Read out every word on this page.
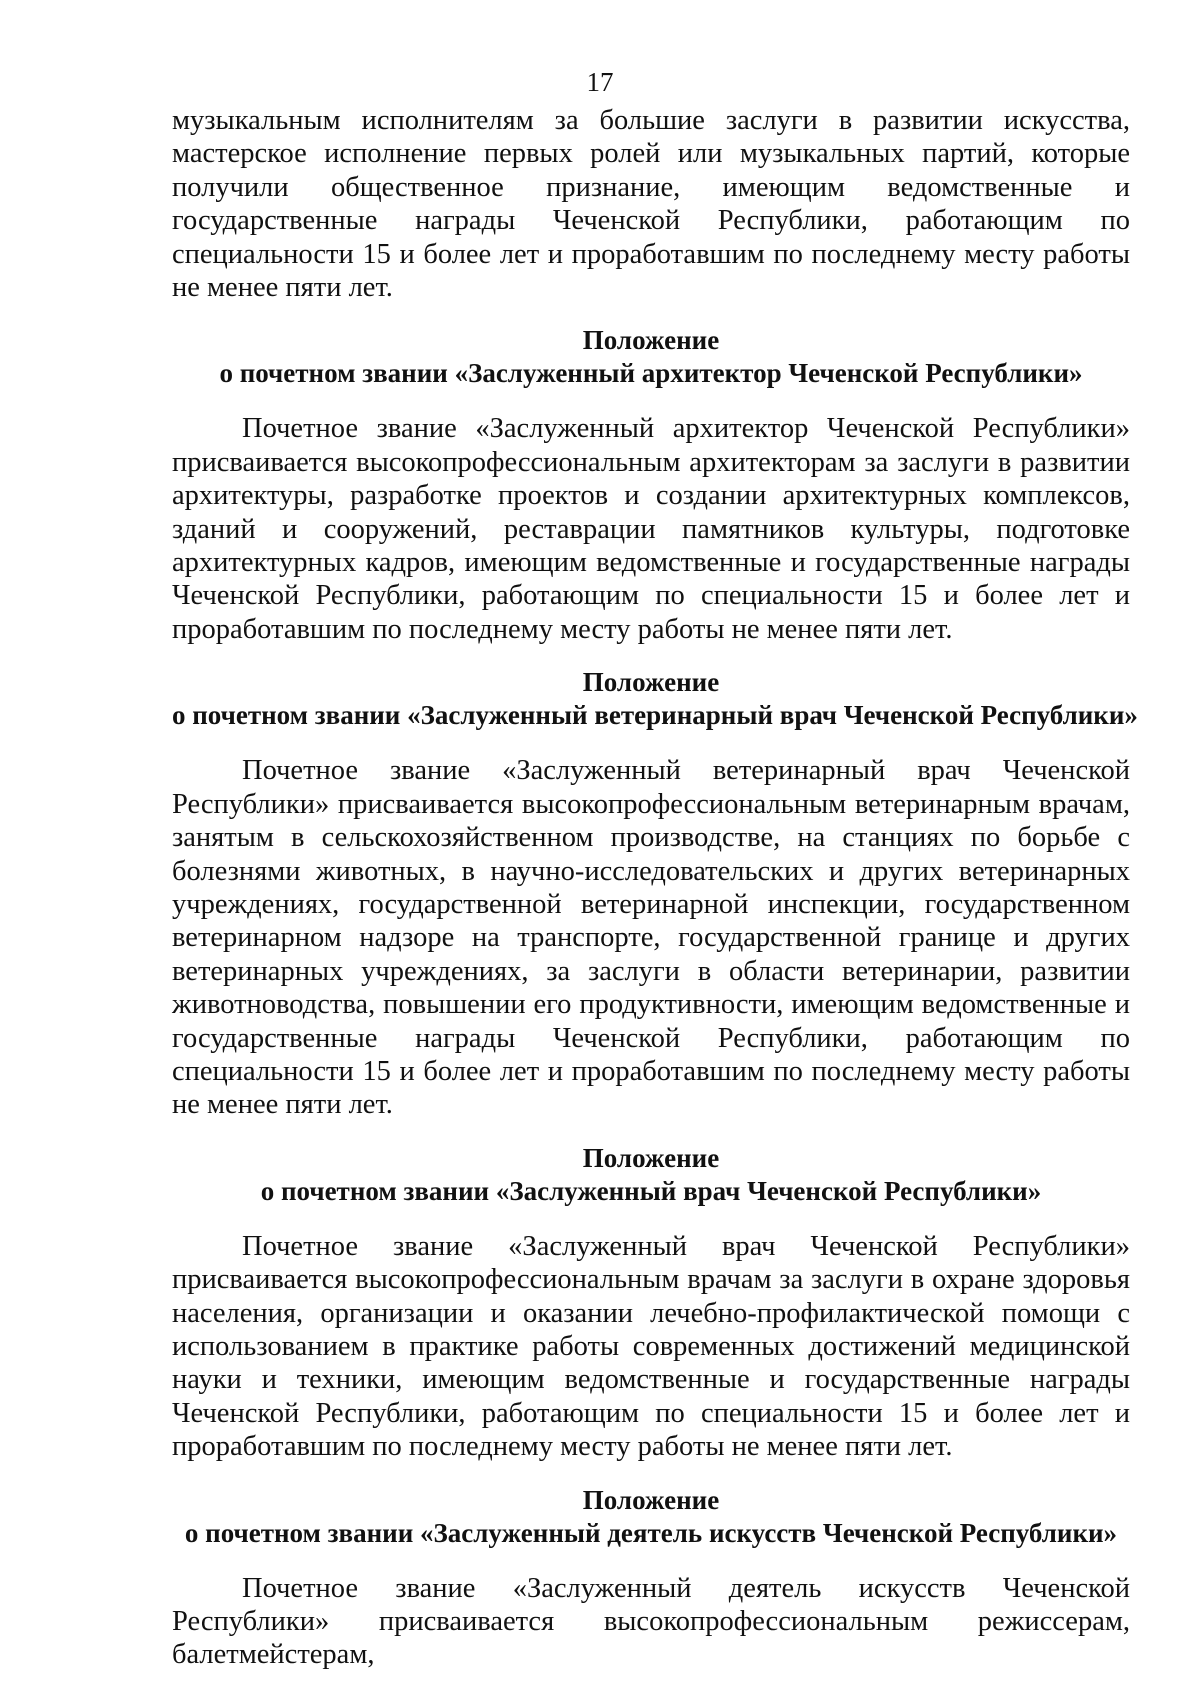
17

музыкальным исполнителям за большие заслуги в развитии искусства, мастерское исполнение первых ролей или музыкальных партий, которые получили общественное признание, имеющим ведомственные и государственные награды Чеченской Республики, работающим по специальности 15 и более лет и проработавшим по последнему месту работы не менее пяти лет.

Положение
о почетном звании «Заслуженный архитектор Чеченской Республики»

Почетное звание «Заслуженный архитектор Чеченской Республики» присваивается высокопрофессиональным архитекторам за заслуги в развитии архитектуры, разработке проектов и создании архитектурных комплексов, зданий и сооружений, реставрации памятников культуры, подготовке архитектурных кадров, имеющим ведомственные и государственные награды Чеченской Республики, работающим по специальности 15 и более лет и проработавшим по последнему месту работы не менее пяти лет.

Положение
о почетном звании «Заслуженный ветеринарный врач Чеченской Республики»

Почетное звание «Заслуженный ветеринарный врач Чеченской Республики» присваивается высокопрофессиональным ветеринарным врачам, занятым в сельскохозяйственном производстве, на станциях по борьбе с болезнями животных, в научно-исследовательских и других ветеринарных учреждениях, государственной ветеринарной инспекции, государственном ветеринарном надзоре на транспорте, государственной границе и других ветеринарных учреждениях, за заслуги в области ветеринарии, развитии животноводства, повышении его продуктивности, имеющим ведомственные и государственные награды Чеченской Республики, работающим по специальности 15 и более лет и проработавшим по последнему месту работы не менее пяти лет.

Положение
о почетном звании «Заслуженный врач Чеченской Республики»

Почетное звание «Заслуженный врач Чеченской Республики» присваивается высокопрофессиональным врачам за заслуги в охране здоровья населения, организации и оказании лечебно-профилактической помощи с использованием в практике работы современных достижений медицинской науки и техники, имеющим ведомственные и государственные награды Чеченской Республики, работающим по специальности 15 и более лет и проработавшим по последнему месту работы не менее пяти лет.

Положение
о почетном звании «Заслуженный деятель искусств Чеченской Республики»

Почетное звание «Заслуженный деятель искусств Чеченской Республики» присваивается высокопрофессиональным режиссерам, балетмейстерам,
